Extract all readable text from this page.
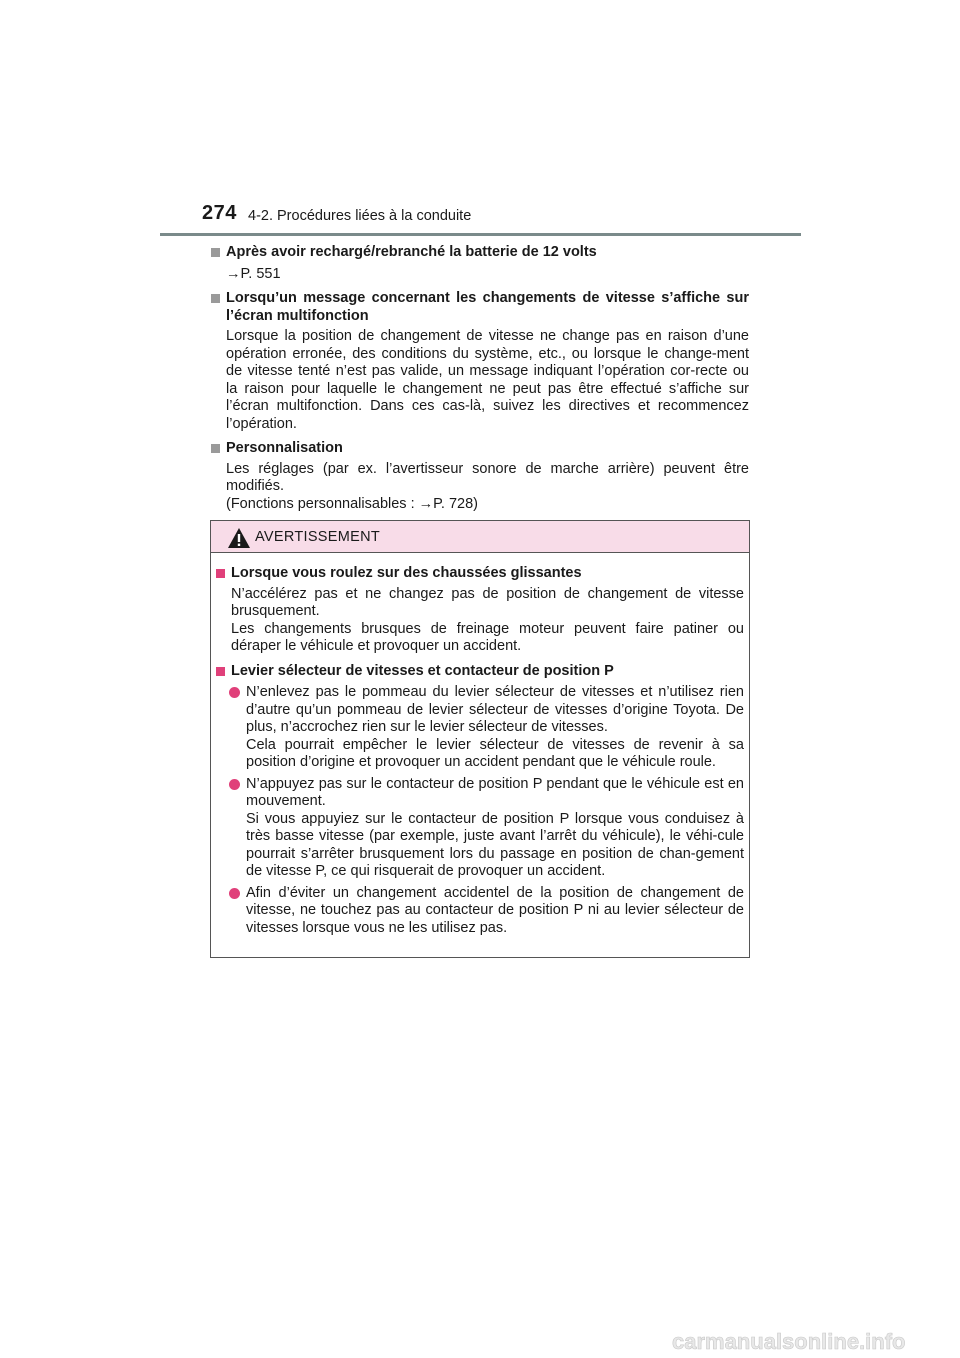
274 4-2. Procédures liées à la conduite
Après avoir rechargé/rebranché la batterie de 12 volts
→P. 551
Lorsqu’un message concernant les changements de vitesse s’affiche sur l’écran multifonction
Lorsque la position de changement de vitesse ne change pas en raison d’une opération erronée, des conditions du système, etc., ou lorsque le change-ment de vitesse tenté n’est pas valide, un message indiquant l’opération cor-recte ou la raison pour laquelle le changement ne peut pas être effectué s’affiche sur l’écran multifonction. Dans ces cas-là, suivez les directives et recommencez l’opération.
Personnalisation
Les réglages (par ex. l’avertisseur sonore de marche arrière) peuvent être modifiés.
(Fonctions personnalisables : →P. 728)
AVERTISSEMENT
Lorsque vous roulez sur des chaussées glissantes
N’accélérez pas et ne changez pas de position de changement de vitesse brusquement.
Les changements brusques de freinage moteur peuvent faire patiner ou déraper le véhicule et provoquer un accident.
Levier sélecteur de vitesses et contacteur de position P
N’enlevez pas le pommeau du levier sélecteur de vitesses et n’utilisez rien d’autre qu’un pommeau de levier sélecteur de vitesses d’origine Toyota. De plus, n’accrochez rien sur le levier sélecteur de vitesses.
Cela pourrait empêcher le levier sélecteur de vitesses de revenir à sa position d’origine et provoquer un accident pendant que le véhicule roule.
N’appuyez pas sur le contacteur de position P pendant que le véhicule est en mouvement.
Si vous appuyiez sur le contacteur de position P lorsque vous conduisez à très basse vitesse (par exemple, juste avant l’arrêt du véhicule), le véhi-cule pourrait s’arrêter brusquement lors du passage en position de chan-gement de vitesse P, ce qui risquerait de provoquer un accident.
Afin d’éviter un changement accidentel de la position de changement de vitesse, ne touchez pas au contacteur de position P ni au levier sélecteur de vitesses lorsque vous ne les utilisez pas.
carmanualsonline.info
